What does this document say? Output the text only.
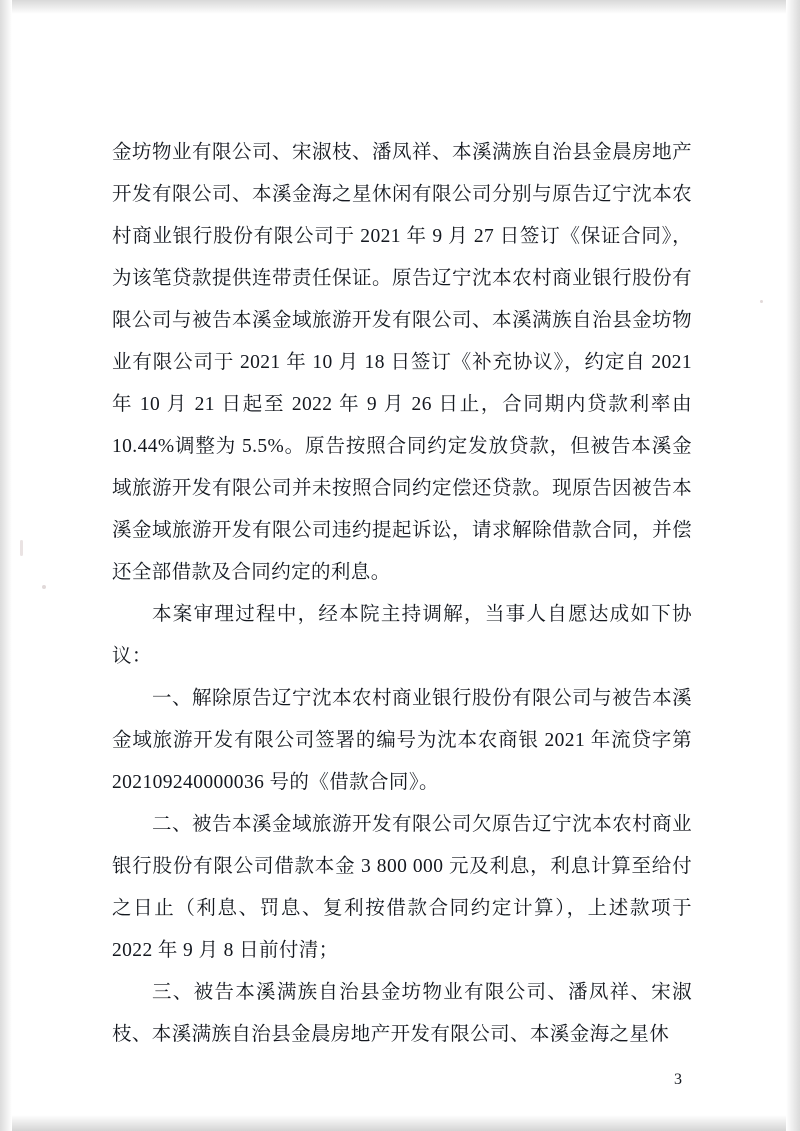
金坊物业有限公司、宋淑枝、潘凤祥、本溪满族自治县金晨房地产开发有限公司、本溪金海之星休闲有限公司分别与原告辽宁沈本农村商业银行股份有限公司于 2021 年 9 月 27 日签订《保证合同》，为该笔贷款提供连带责任保证。原告辽宁沈本农村商业银行股份有限公司与被告本溪金域旅游开发有限公司、本溪满族自治县金坊物业有限公司于 2021 年 10 月 18 日签订《补充协议》，约定自 2021 年 10 月 21 日起至 2022 年 9 月 26 日止，合同期内贷款利率由 10.44%调整为 5.5%。原告按照合同约定发放贷款，但被告本溪金域旅游开发有限公司并未按照合同约定偿还贷款。现原告因被告本溪金域旅游开发有限公司违约提起诉讼，请求解除借款合同，并偿还全部借款及合同约定的利息。

本案审理过程中，经本院主持调解，当事人自愿达成如下协议：

一、解除原告辽宁沈本农村商业银行股份有限公司与被告本溪金域旅游开发有限公司签署的编号为沈本农商银 2021 年流贷字第 202109240000036 号的《借款合同》。

二、被告本溪金域旅游开发有限公司欠原告辽宁沈本农村商业银行股份有限公司借款本金 3 800 000 元及利息，利息计算至给付之日止（利息、罚息、复利按借款合同约定计算），上述款项于 2022 年 9 月 8 日前付清；

三、被告本溪满族自治县金坊物业有限公司、潘凤祥、宋淑枝、本溪满族自治县金晨房地产开发有限公司、本溪金海之星休

3
